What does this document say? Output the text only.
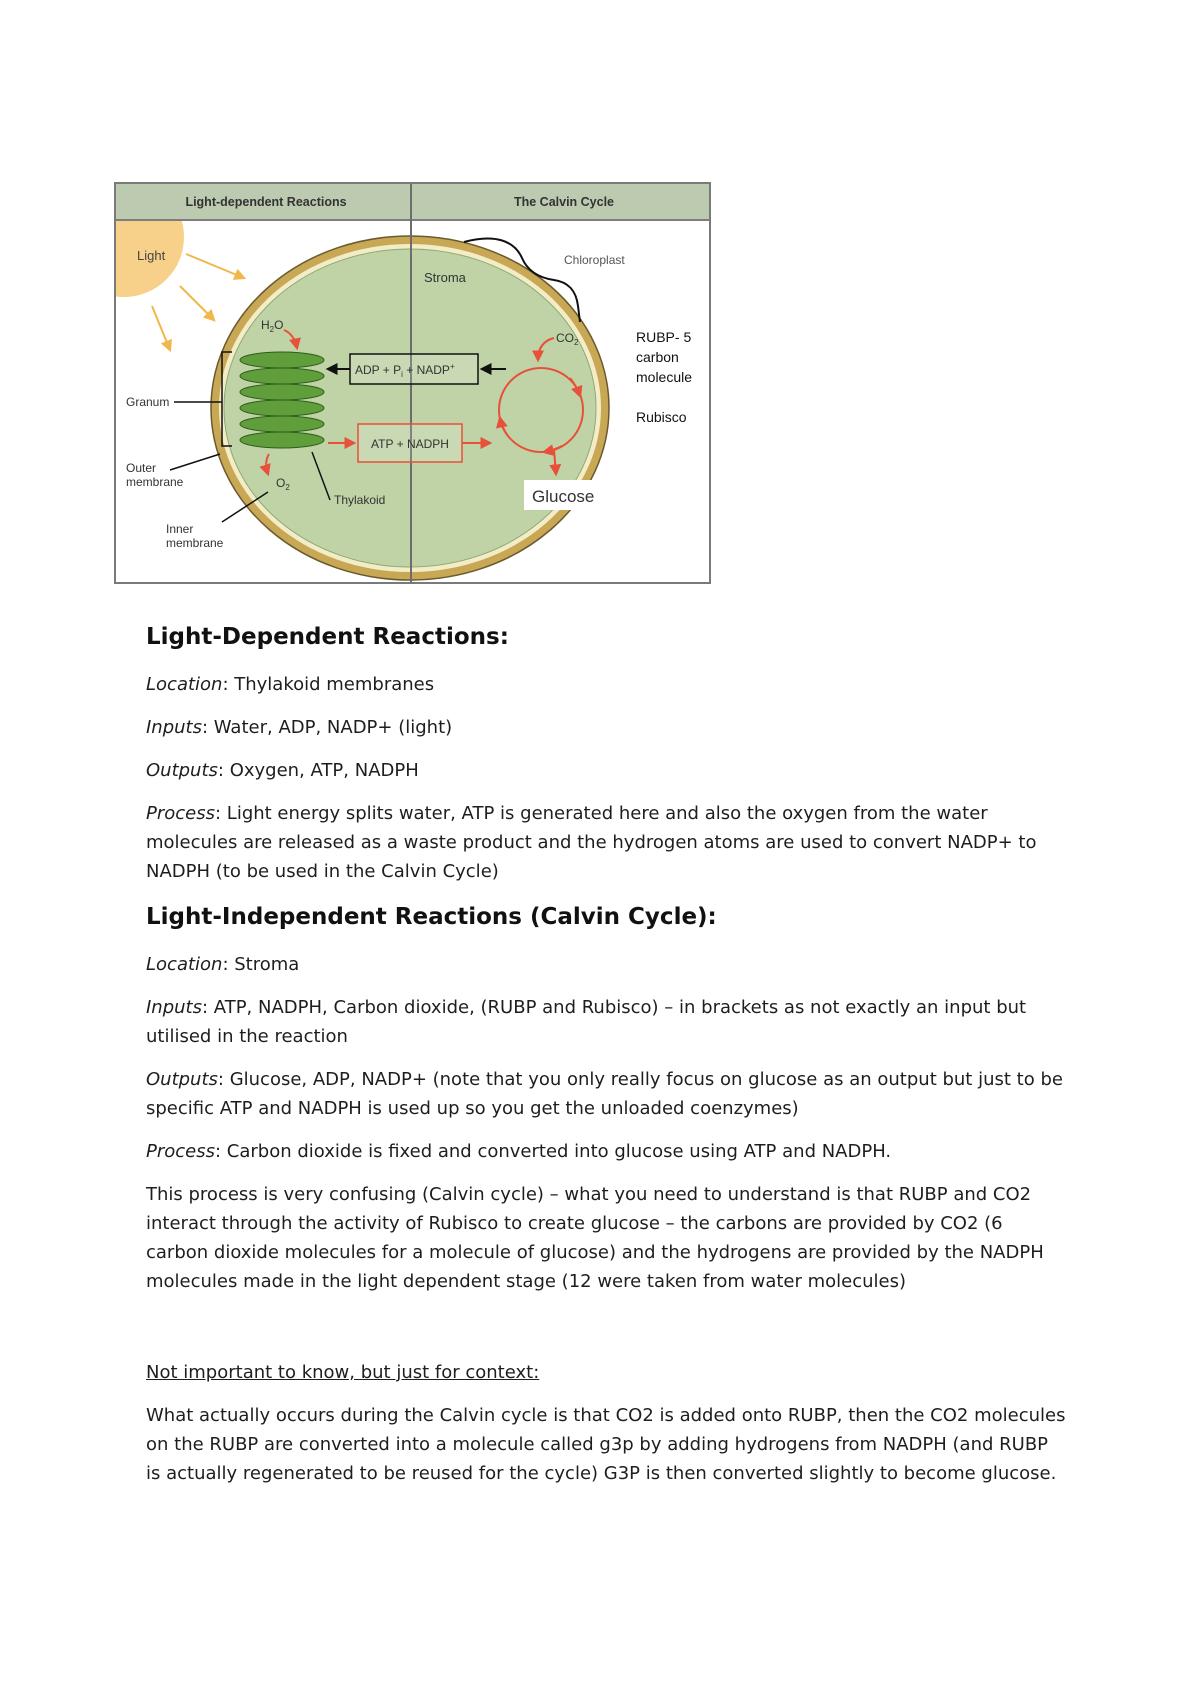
Light-dependent Reactions	The Calvin Cycle
Light
Stroma
Chloroplast
Granum
Outer
membrane
Inner
membrane
Thylakoid
$H_2O$
$O_2$
ADP + $P_i$ + NADP+
ATP + NADPH
$CO_2$
Glucose
RUBP- 5
carbon
molecule
Rubisco
Light-Dependent Reactions:

Location: Thylakoid membranes

Inputs: Water, ADP, NADP+ (light)

Outputs: Oxygen, ATP, NADPH

Process: Light energy splits water, ATP is generated here and also the oxygen from the water
molecules are released as a waste product and the hydrogen atoms are used to convert NADP+ to
NADPH (to be used in the Calvin Cycle)

Light-Independent Reactions (Calvin Cycle):

Location: Stroma

Inputs: ATP, NADPH, Carbon dioxide, (RUBP and Rubisco) – in brackets as not exactly an input but
utilised in the reaction

Outputs: Glucose, ADP, NADP+ (note that you only really focus on glucose as an output but just to be
specific ATP and NADPH is used up so you get the unloaded coenzymes)

Process: Carbon dioxide is fixed and converted into glucose using ATP and NADPH.

This process is very confusing (Calvin cycle) – what you need to understand is that RUBP and CO2
interact through the activity of Rubisco to create glucose – the carbons are provided by CO2 (6
carbon dioxide molecules for a molecule of glucose) and the hydrogens are provided by the NADPH
molecules made in the light dependent stage (12 were taken from water molecules)

Not important to know, but just for context:

What actually occurs during the Calvin cycle is that CO2 is added onto RUBP, then the CO2 molecules
on the RUBP are converted into a molecule called g3p by adding hydrogens from NADPH (and RUBP
is actually regenerated to be reused for the cycle) G3P is then converted slightly to become glucose.
